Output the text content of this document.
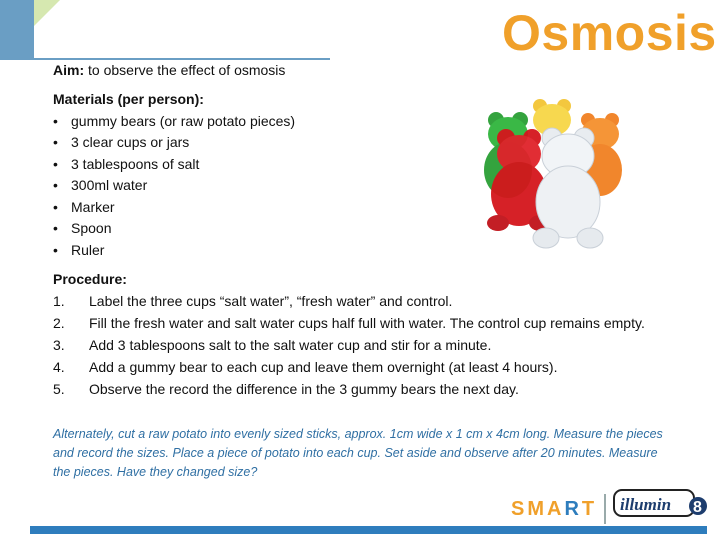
Osmosis
Aim: to observe the effect of osmosis
Materials (per person):
• gummy bears (or raw potato pieces)
• 3 clear cups or jars
• 3 tablespoons of salt
• 300ml water
• Marker
• Spoon
• Ruler
Procedure:
1.	Label the three cups “salt water”, “fresh water” and control.
2.	Fill the fresh water and salt water cups half full with water. The control cup remains empty.
3.	Add 3 tablespoons salt to the salt water cup and stir for a minute.
4.	Add a gummy bear to each cup and leave them overnight (at least 4 hours).
5.	Observe the record the difference in the 3 gummy bears the next day.
Alternately, cut a raw potato into evenly sized sticks, approx. 1cm wide x 1 cm x 4cm long. Measure the pieces and record the sizes. Place a piece of potato into each cup. Set aside and observe after 20 minutes. Measure the pieces. Have they changed size?
SMART illumin 8
